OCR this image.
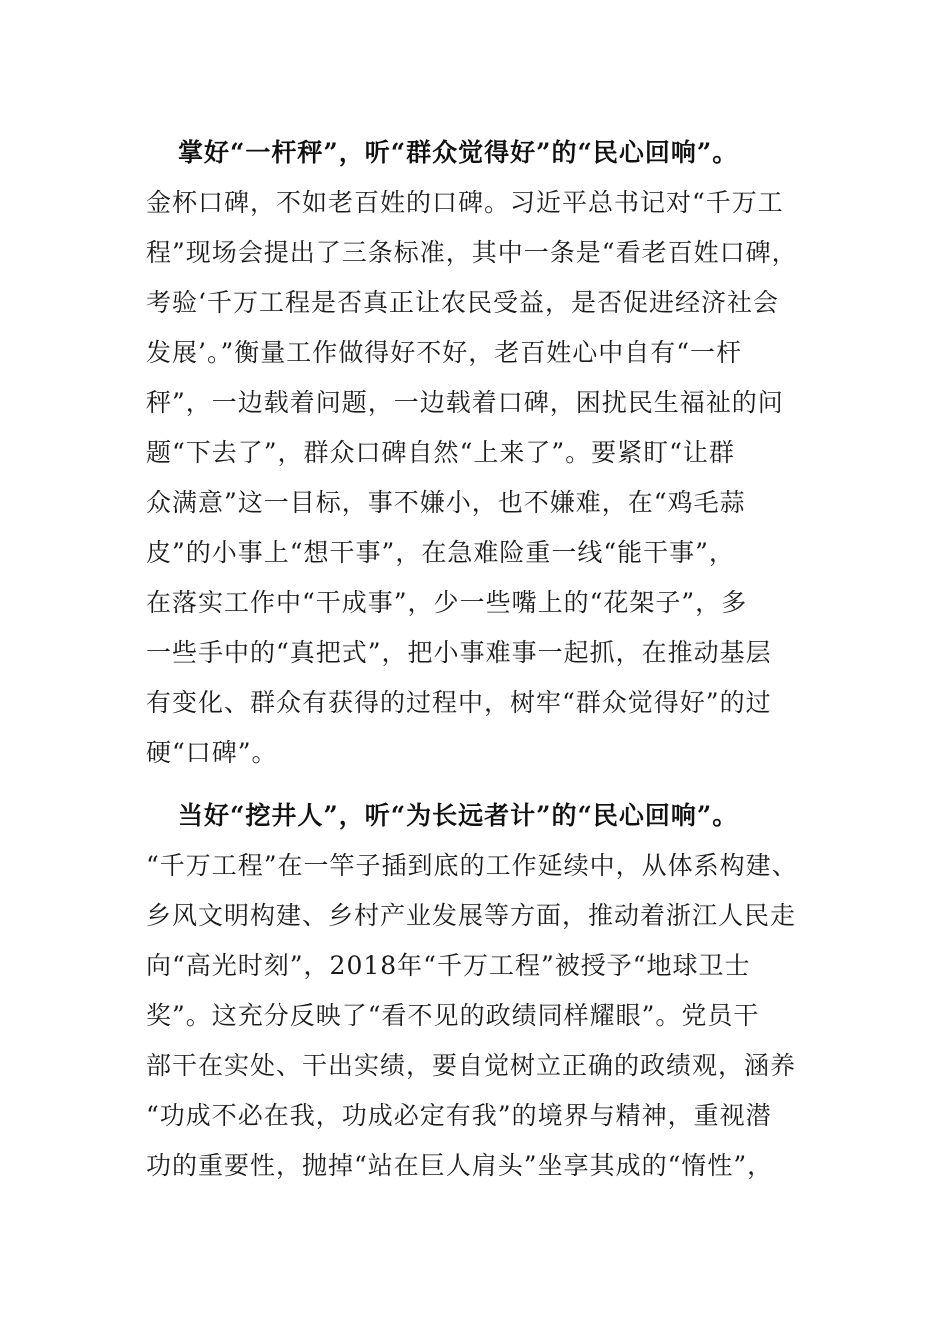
掌好“一杆秤”，听“群众觉得好”的“民心回响”。
金杯口碑，不如老百姓的口碑。习近平总书记对“千万工
程”现场会提出了三条标准，其中一条是“看老百姓口碑，
考验‘千万工程是否真正让农民受益，是否促进经济社会
发展’。”衡量工作做得好不好，老百姓心中自有“一杆
秤”，一边载着问题，一边载着口碑，困扰民生福祉的问
题“下去了”，群众口碑自然“上来了”。要紧盯“让群
众满意”这一目标，事不嫌小，也不嫌难，在“鸡毛蒜
皮”的小事上“想干事”，在急难险重一线“能干事”，
在落实工作中“干成事”，少一些嘴上的“花架子”，多
一些手中的“真把式”，把小事难事一起抓，在推动基层
有变化、群众有获得的过程中，树牢“群众觉得好”的过
硬“口碑”。
当好“挖井人”，听“为长远者计”的“民心回响”。
“千万工程”在一竿子插到底的工作延续中，从体系构建、
乡风文明构建、乡村产业发展等方面，推动着浙江人民走
向“高光时刻”，2018年“千万工程”被授予“地球卫士
奖”。这充分反映了“看不见的政绩同样耀眼”。党员干
部干在实处、干出实绩，要自觉树立正确的政绩观，涵养
“功成不必在我，功成必定有我”的境界与精神，重视潜
功的重要性，抛掉“站在巨人肩头”坐享其成的“惰性”，
